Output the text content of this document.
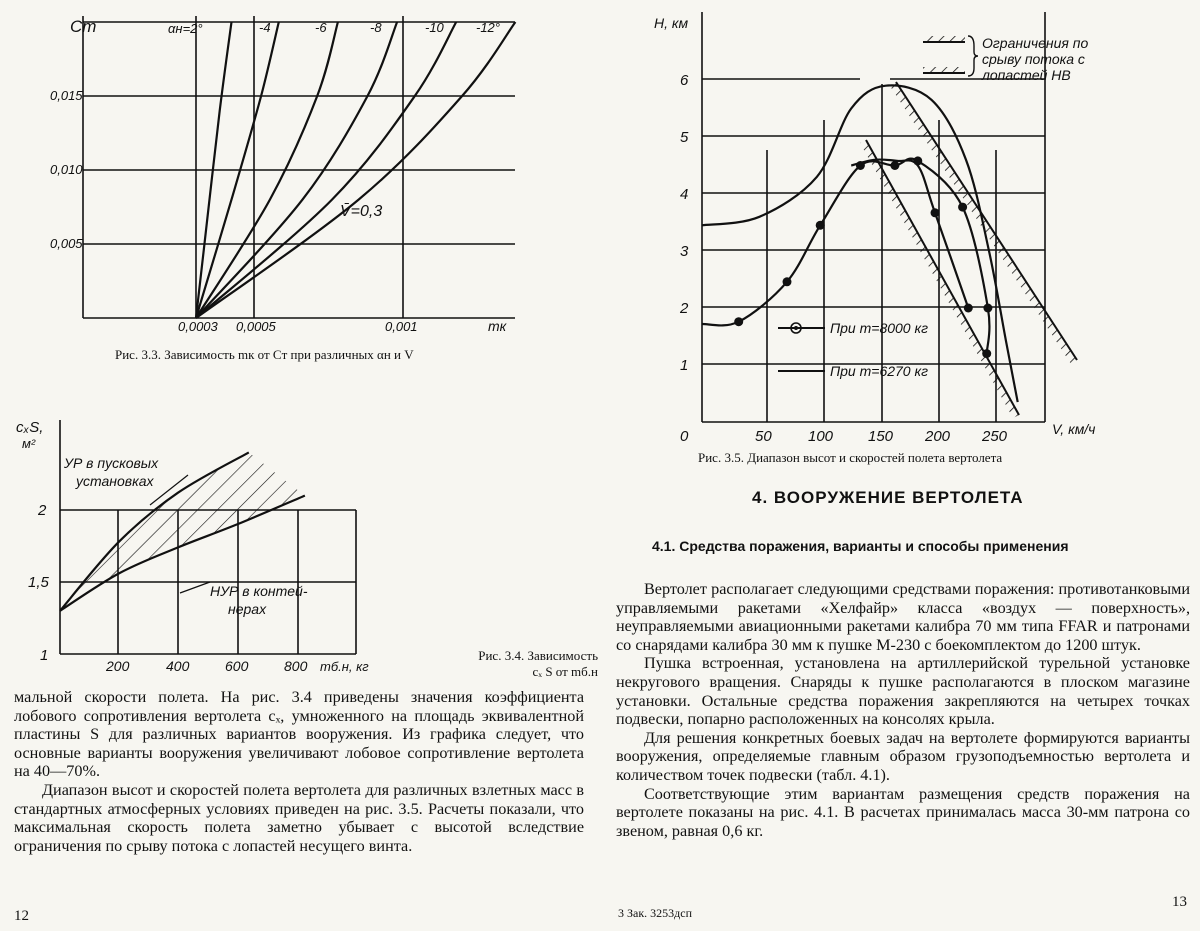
Cт
0,015
0,010
0,005
0,0003 0,0005	0,001	mк
αн=2°	-4	-6	-8	-10 -12°
V̄=0,3
Рис. 3.3. Зависимость mк от Cт при различных αн и V
cₓS,
м²
2
1,5
1
200	400	600	800 mб.н, кг
УР в пусковых
установках
НУР в контей-
нерах
Рис. 3.4. Зависимость
cₓ S от mб.н

мальной скорости полета. На рис. 3.4 приведены значения коэффициента лобового сопротивления вертолета cₓ, умноженного на площадь эквивалентной пластины S для различных вариантов вооружения. Из графика следует, что основные варианты вооружения увеличивают лобовое сопротивление вертолета на 40—70%.

Диапазон высот и скоростей полета вертолета для различных взлетных масс в стандартных атмосферных условиях приведен на рис. 3.5. Расчеты показали, что максимальная скорость полета заметно убывает с высотой вследствие ограничения по срыву потока с лопастей несущего винта.

12
Ограничения по
срыву потока с
лопастей НВ
При m=8000 кг
При m=6270 кг
H, км
6
5
4
3
2
1
0	50 100 150 200 250	V, км/ч
Рис. 3.5. Диапазон высот и скоростей полета вертолета
4. ВООРУЖЕНИЕ ВЕРТОЛЕТА
4.1. Средства поражения, варианты и способы применения

Вертолет располагает следующими средствами поражения: противотанковыми управляемыми ракетами «Хелфайр» класса «воздух — поверхность», неуправляемыми авиационными ракетами калибра 70 мм типа FFAR и патронами со снарядами калибра 30 мм к пушке М-230 с боекомплектом до 1200 штук.

Пушка встроенная, установлена на артиллерийской турельной установке некругового вращения. Снаряды к пушке располагаются в плоском магазине установки. Остальные средства поражения закрепляются на четырех точках подвески, попарно расположенных на консолях крыла.

Для решения конкретных боевых задач на вертолете формируются варианты вооружения, определяемые главным образом грузоподъемностью вертолета и количеством точек подвески (табл. 4.1).

Соответствующие этим вариантам размещения средств поражения на вертолете показаны на рис. 4.1. В расчетах принималась масса 30-мм патрона со звеном, равная 0,6 кг.

3 Зак. 3253дсп
13
